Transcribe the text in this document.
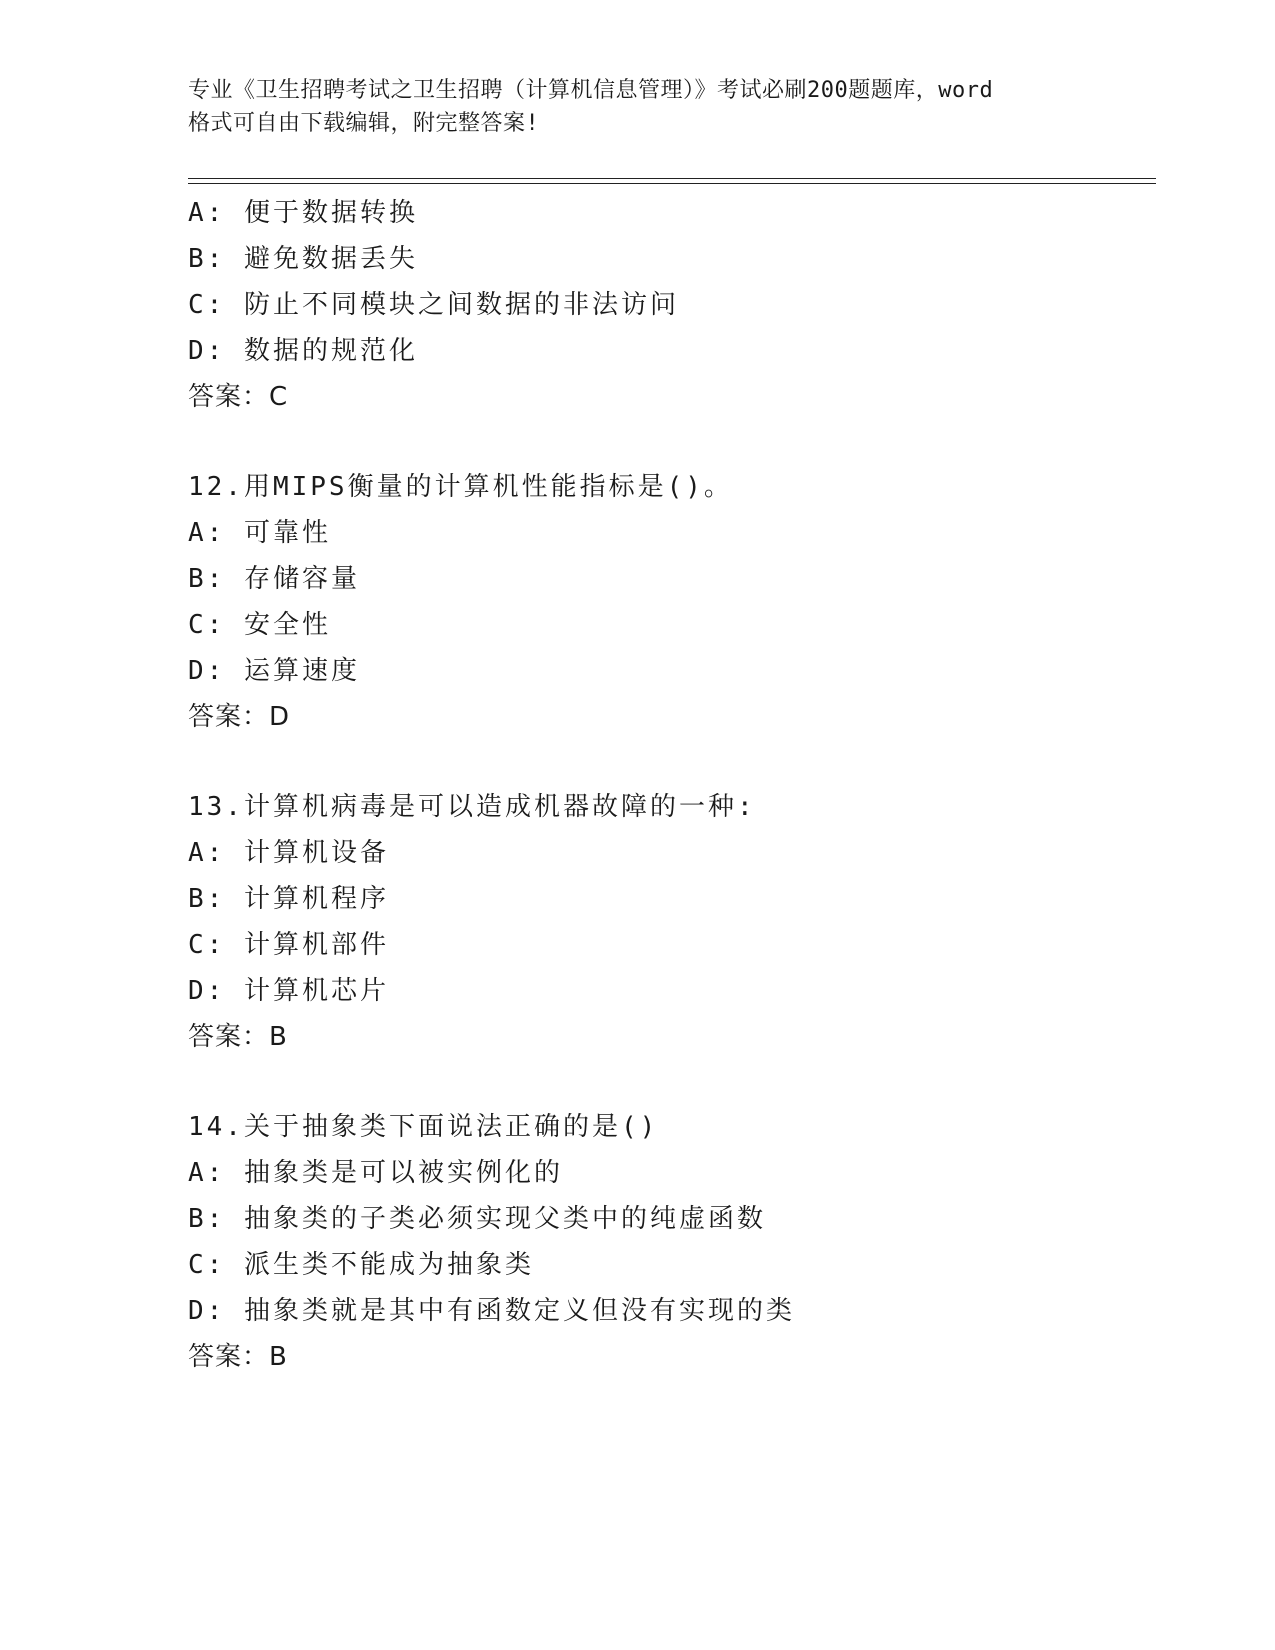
专业《卫生招聘考试之卫生招聘（计算机信息管理）》考试必刷200题题库，word
格式可自由下载编辑，附完整答案!
A: 便于数据转换
B: 避免数据丢失
C: 防止不同模块之间数据的非法访问
D: 数据的规范化
答案：C
12.用MIPS衡量的计算机性能指标是()。
A: 可靠性
B: 存储容量
C: 安全性
D: 运算速度
答案：D
13.计算机病毒是可以造成机器故障的一种:
A: 计算机设备
B: 计算机程序
C: 计算机部件
D: 计算机芯片
答案：B
14.关于抽象类下面说法正确的是()
A: 抽象类是可以被实例化的
B: 抽象类的子类必须实现父类中的纯虚函数
C: 派生类不能成为抽象类
D: 抽象类就是其中有函数定义但没有实现的类
答案：B
